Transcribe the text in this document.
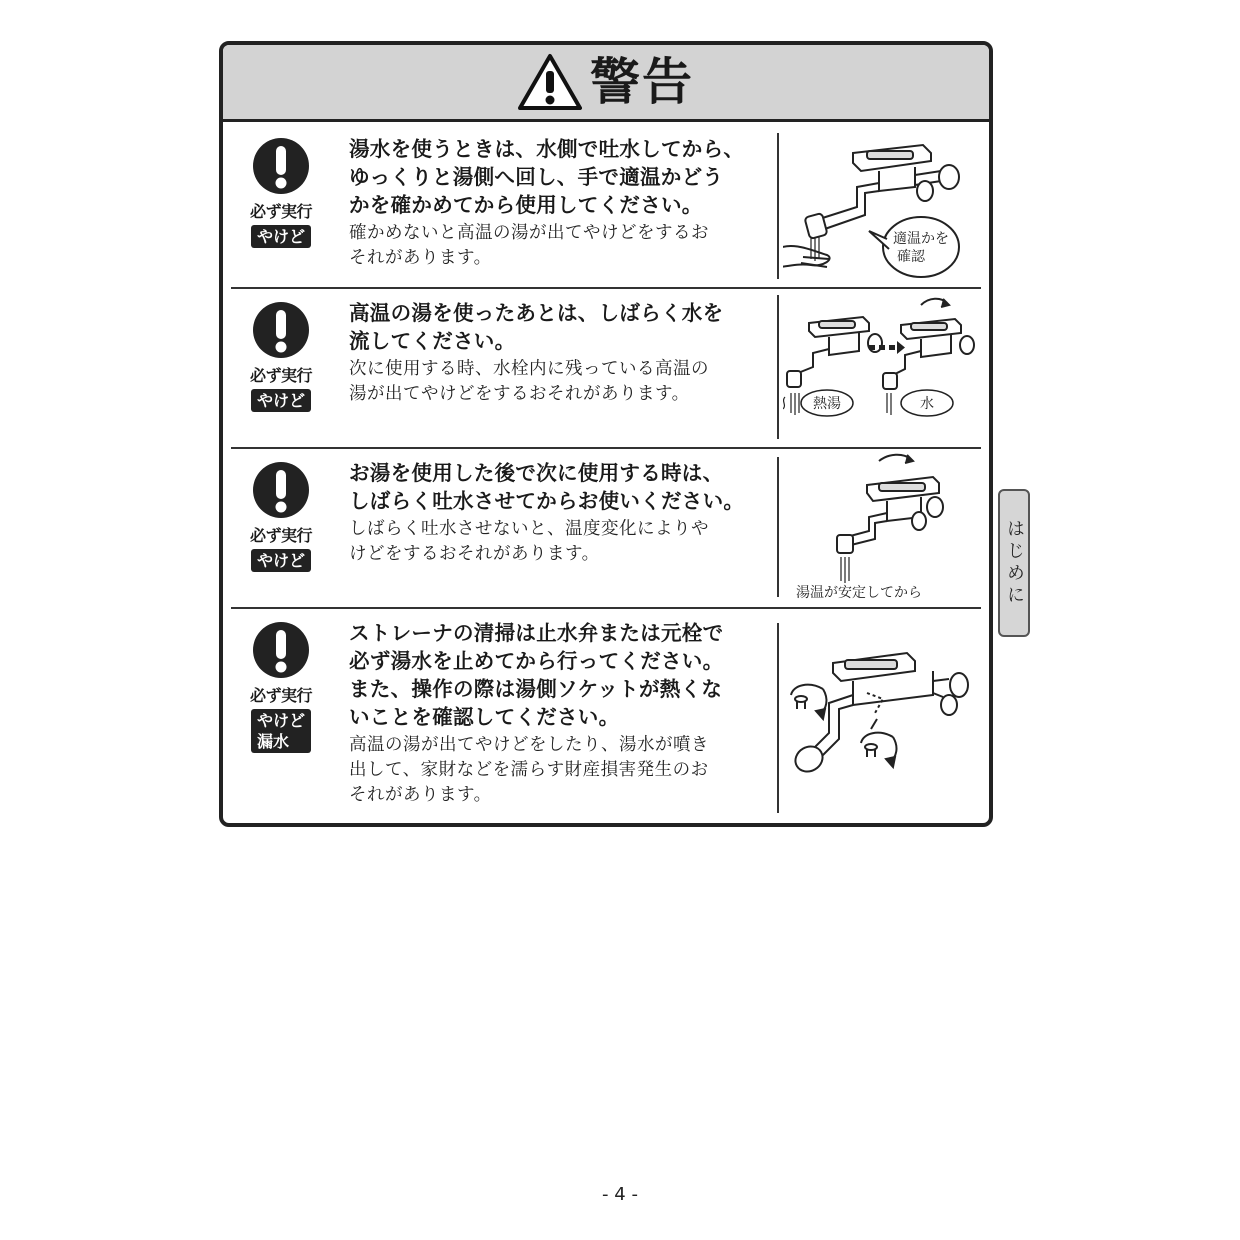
警告
必ず実行
やけど
湯水を使うときは、水側で吐水してから、
ゆっくりと湯側へ回し、手で適温かどう
かを確かめてから使用してください。
確かめないと高温の湯が出てやけどをするお
それがあります。
適温かを
確認
必ず実行
やけど
高温の湯を使ったあとは、しばらく水を
流してください。
次に使用する時、水栓内に残っている高温の
湯が出てやけどをするおそれがあります。	熱湯	水
必ず実行
やけど
お湯を使用した後で次に使用する時は、
しばらく吐水させてからお使いください。
しばらく吐水させないと、温度変化によりや
けどをするおそれがあります。
湯温が安定してから
必ず実行
やけど
漏水
ストレーナの清掃は止水弁または元栓で
必ず湯水を止めてから行ってください。
また、操作の際は湯側ソケットが熱くな
いことを確認してください。
高温の湯が出てやけどをしたり、湯水が噴き
出して、家財などを濡らす財産損害発生のお
それがあります。
はじめに
- 4 -
